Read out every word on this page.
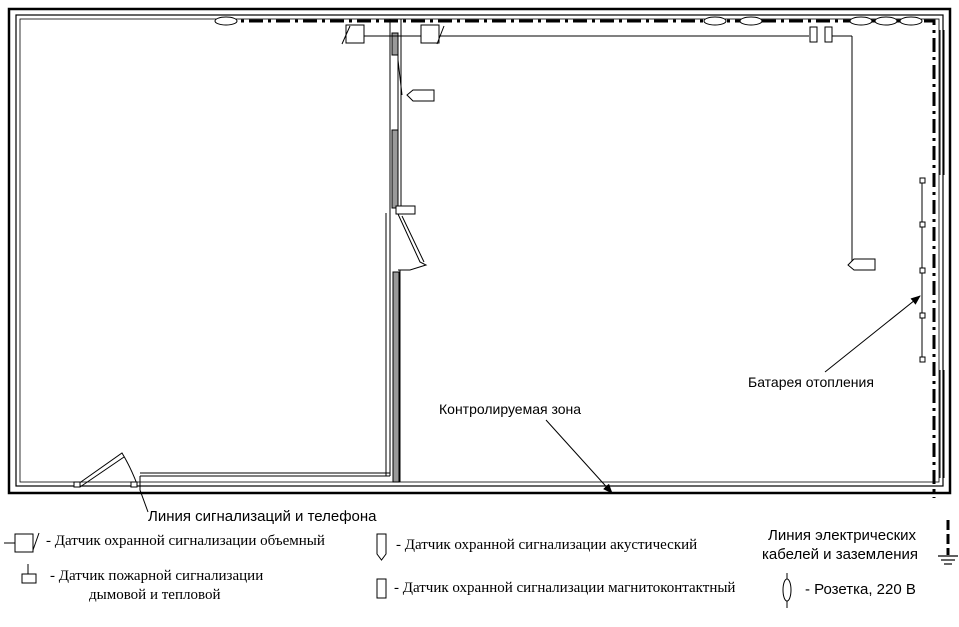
Контролируемая зона
Батарея отопления
Линия сигнализаций и телефона
Линия электрических
кабелей и заземления
- Датчик охранной сигнализации объемный
- Датчик пожарной сигнализации
дымовой и тепловой
- Датчик охранной сигнализации акустический
- Датчик охранной сигнализации магнитоконтактный	- Розетка, 220 В
